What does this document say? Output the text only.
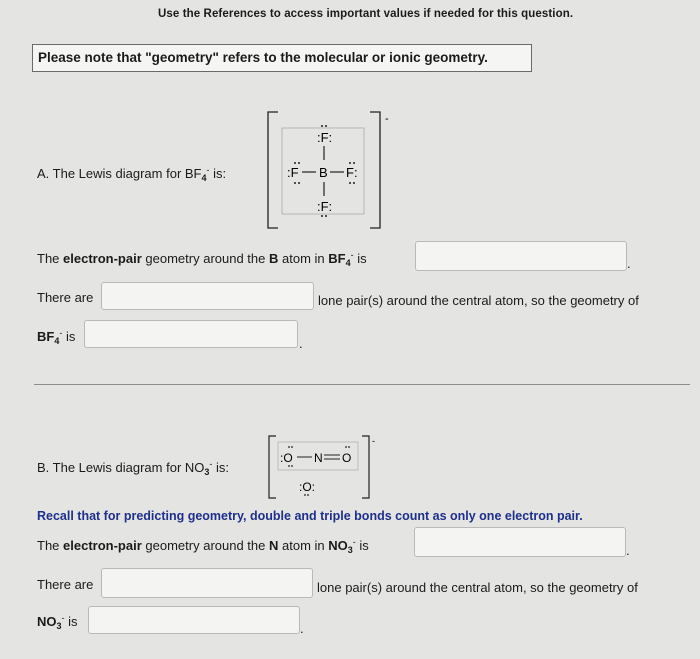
Use the References to access important values if needed for this question.
Please note that "geometry" refers to the molecular or ionic geometry.
A. The Lewis diagram for $BF_4^-$ is:
-
:F:
:F B F:
:F:
The electron-pair geometry around the B atom in $BF_4^-$ is	.
There are	lone pair(s) around the central atom, so the geometry of
$BF_4^-$ is	.
B. The Lewis diagram for $NO_3^-$ is:
-
:O N O
:O:
Recall that for predicting geometry, double and triple bonds count as only one electron pair.
The electron-pair geometry around the N atom in $NO_3^-$ is	.
There are	lone pair(s) around the central atom, so the geometry of
$NO_3^-$ is	.
